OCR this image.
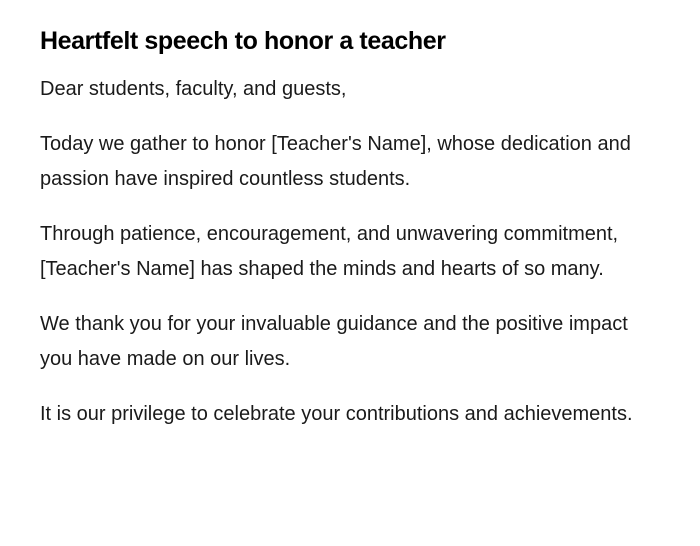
Heartfelt speech to honor a teacher

Dear students, faculty, and guests,

Today we gather to honor [Teacher's Name], whose dedication and passion have inspired countless students.

Through patience, encouragement, and unwavering commitment, [Teacher's Name] has shaped the minds and hearts of so many.

We thank you for your invaluable guidance and the positive impact you have made on our lives.

It is our privilege to celebrate your contributions and achievements.
